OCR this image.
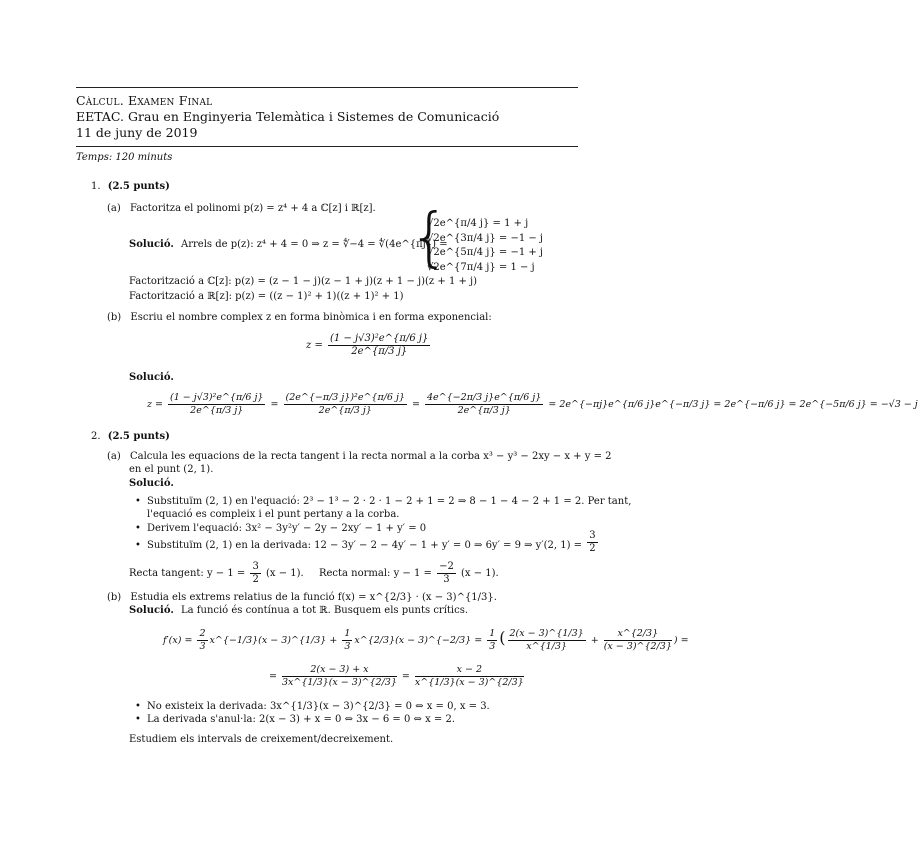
Càlcul. Examen Final
EETAC. Grau en Enginyeria Telemàtica i Sistemes de Comunicació
11 de juny de 2019
Temps: 120 minuts
1. (2.5 punts)
(a) Factoritza el polinomi p(z) = z⁴ + 4 a ℂ[z] i ℝ[z].
Solució. Arrels de p(z): z⁴ + 4 = 0 ⇒ z = ∜−4 = ∜(4e^{πj}) =
{
√2e^{π/4 j} = 1 + j
√2e^{3π/4 j} = −1 − j
√2e^{5π/4 j} = −1 + j
√2e^{7π/4 j} = 1 − j
Factorització a ℂ[z]: p(z) = (z − 1 − j)(z − 1 + j)(z + 1 − j)(z + 1 + j)
Factorització a ℝ[z]: p(z) = ((z − 1)² + 1)((z + 1)² + 1)
(b) Escriu el nombre complex z en forma binòmica i en forma exponencial:
$z = \frac{\text{(1 − j√3)²e\textasciicircum{}\{π/6 j\}}}{2e\^{}\{\pi/3 j\}}$
Solució.
$z = \frac{\text{(1 − j√3)²e\textasciicircum{}\{π/6 j\}}}{2e\^{}\{\pi/3 j\}} = \frac{\text{(2e\textasciicircum{}\{−π/3 j\})²e\textasciicircum{}\{π/6 j\}}}{2e\^{}\{\pi/3 j\}} = \frac{4e\^{}\{-2\pi/3 j\}e\^{}\{\pi/6 j\}}{2e\^{}\{\pi/3 j\}}$ = 2e^{−πj}e^{π/6 j}e^{−π/3 j} = 2e^{−π/6 j} = 2e^{−5π/6 j} = −√3 − j
2. (2.5 punts)
(a) Calcula les equacions de la recta tangent i la recta normal a la corba x³ − y³ − 2xy − x + y = 2
en el punt (2, 1).
Solució.
• Substituïm (2, 1) en l'equació: 2³ − 1³ − 2 · 2 · 1 − 2 + 1 = 2 ⇒ 8 − 1 − 4 − 2 + 1 = 2. Per tant,
l'equació es compleix i el punt pertany a la corba.
• Derivem l'equació: 3x² − 3y²y′ − 2y − 2xy′ − 1 + y′ = 0
• Substituïm (2, 1) en la derivada: 12 − 3y′ − 2 − 4y′ − 1 + y′ = 0 ⇒ 6y′ = 9 ⇒ y′(2, $1) = \frac{3}{2}$
Recta tangent: $y - 1 = \frac{3}{2} (x - 1)$. Recta normal: $y - 1 = \frac{-2}{3} (x - 1)$.
(b) Estudia els extrems relatius de la funció f(x) = x^{2/3} · (x − 3)^{1/3}.
Solució. La funció és contínua a tot ℝ. Busquem els punts crítics.
$f'(x) = \frac{2}{3}$ x^{−1/3}(x − 3)^{1/3} + $\frac{1}{3}$ x^{2/3}(x − 3)^{−2/3} = $\frac{1}{3}$ ( $\frac{2(x - 3)\^{}\{1/3\}}{x\^{}\{1/3\}} + \frac{x\^{}\{2/3\}}{(x - 3)\^{}\{2/3\}}$ ) =
= $\frac{2(x - 3) + x}{3x\^{}\{1/3\}(x - 3)\^{}\{2/3\}} = \frac{x - 2}{x\^{}\{1/3\}(x - 3)\^{}\{2/3\}}$
• No existeix la derivada: 3x^{1/3}(x − 3)^{2/3} = 0 ⇔ x = 0, x = 3.
• La derivada s'anul·la: 2(x − 3) + x = 0 ⇔ 3x − 6 = 0 ⇔ x = 2.
Estudiem els intervals de creixement/decreixement.
